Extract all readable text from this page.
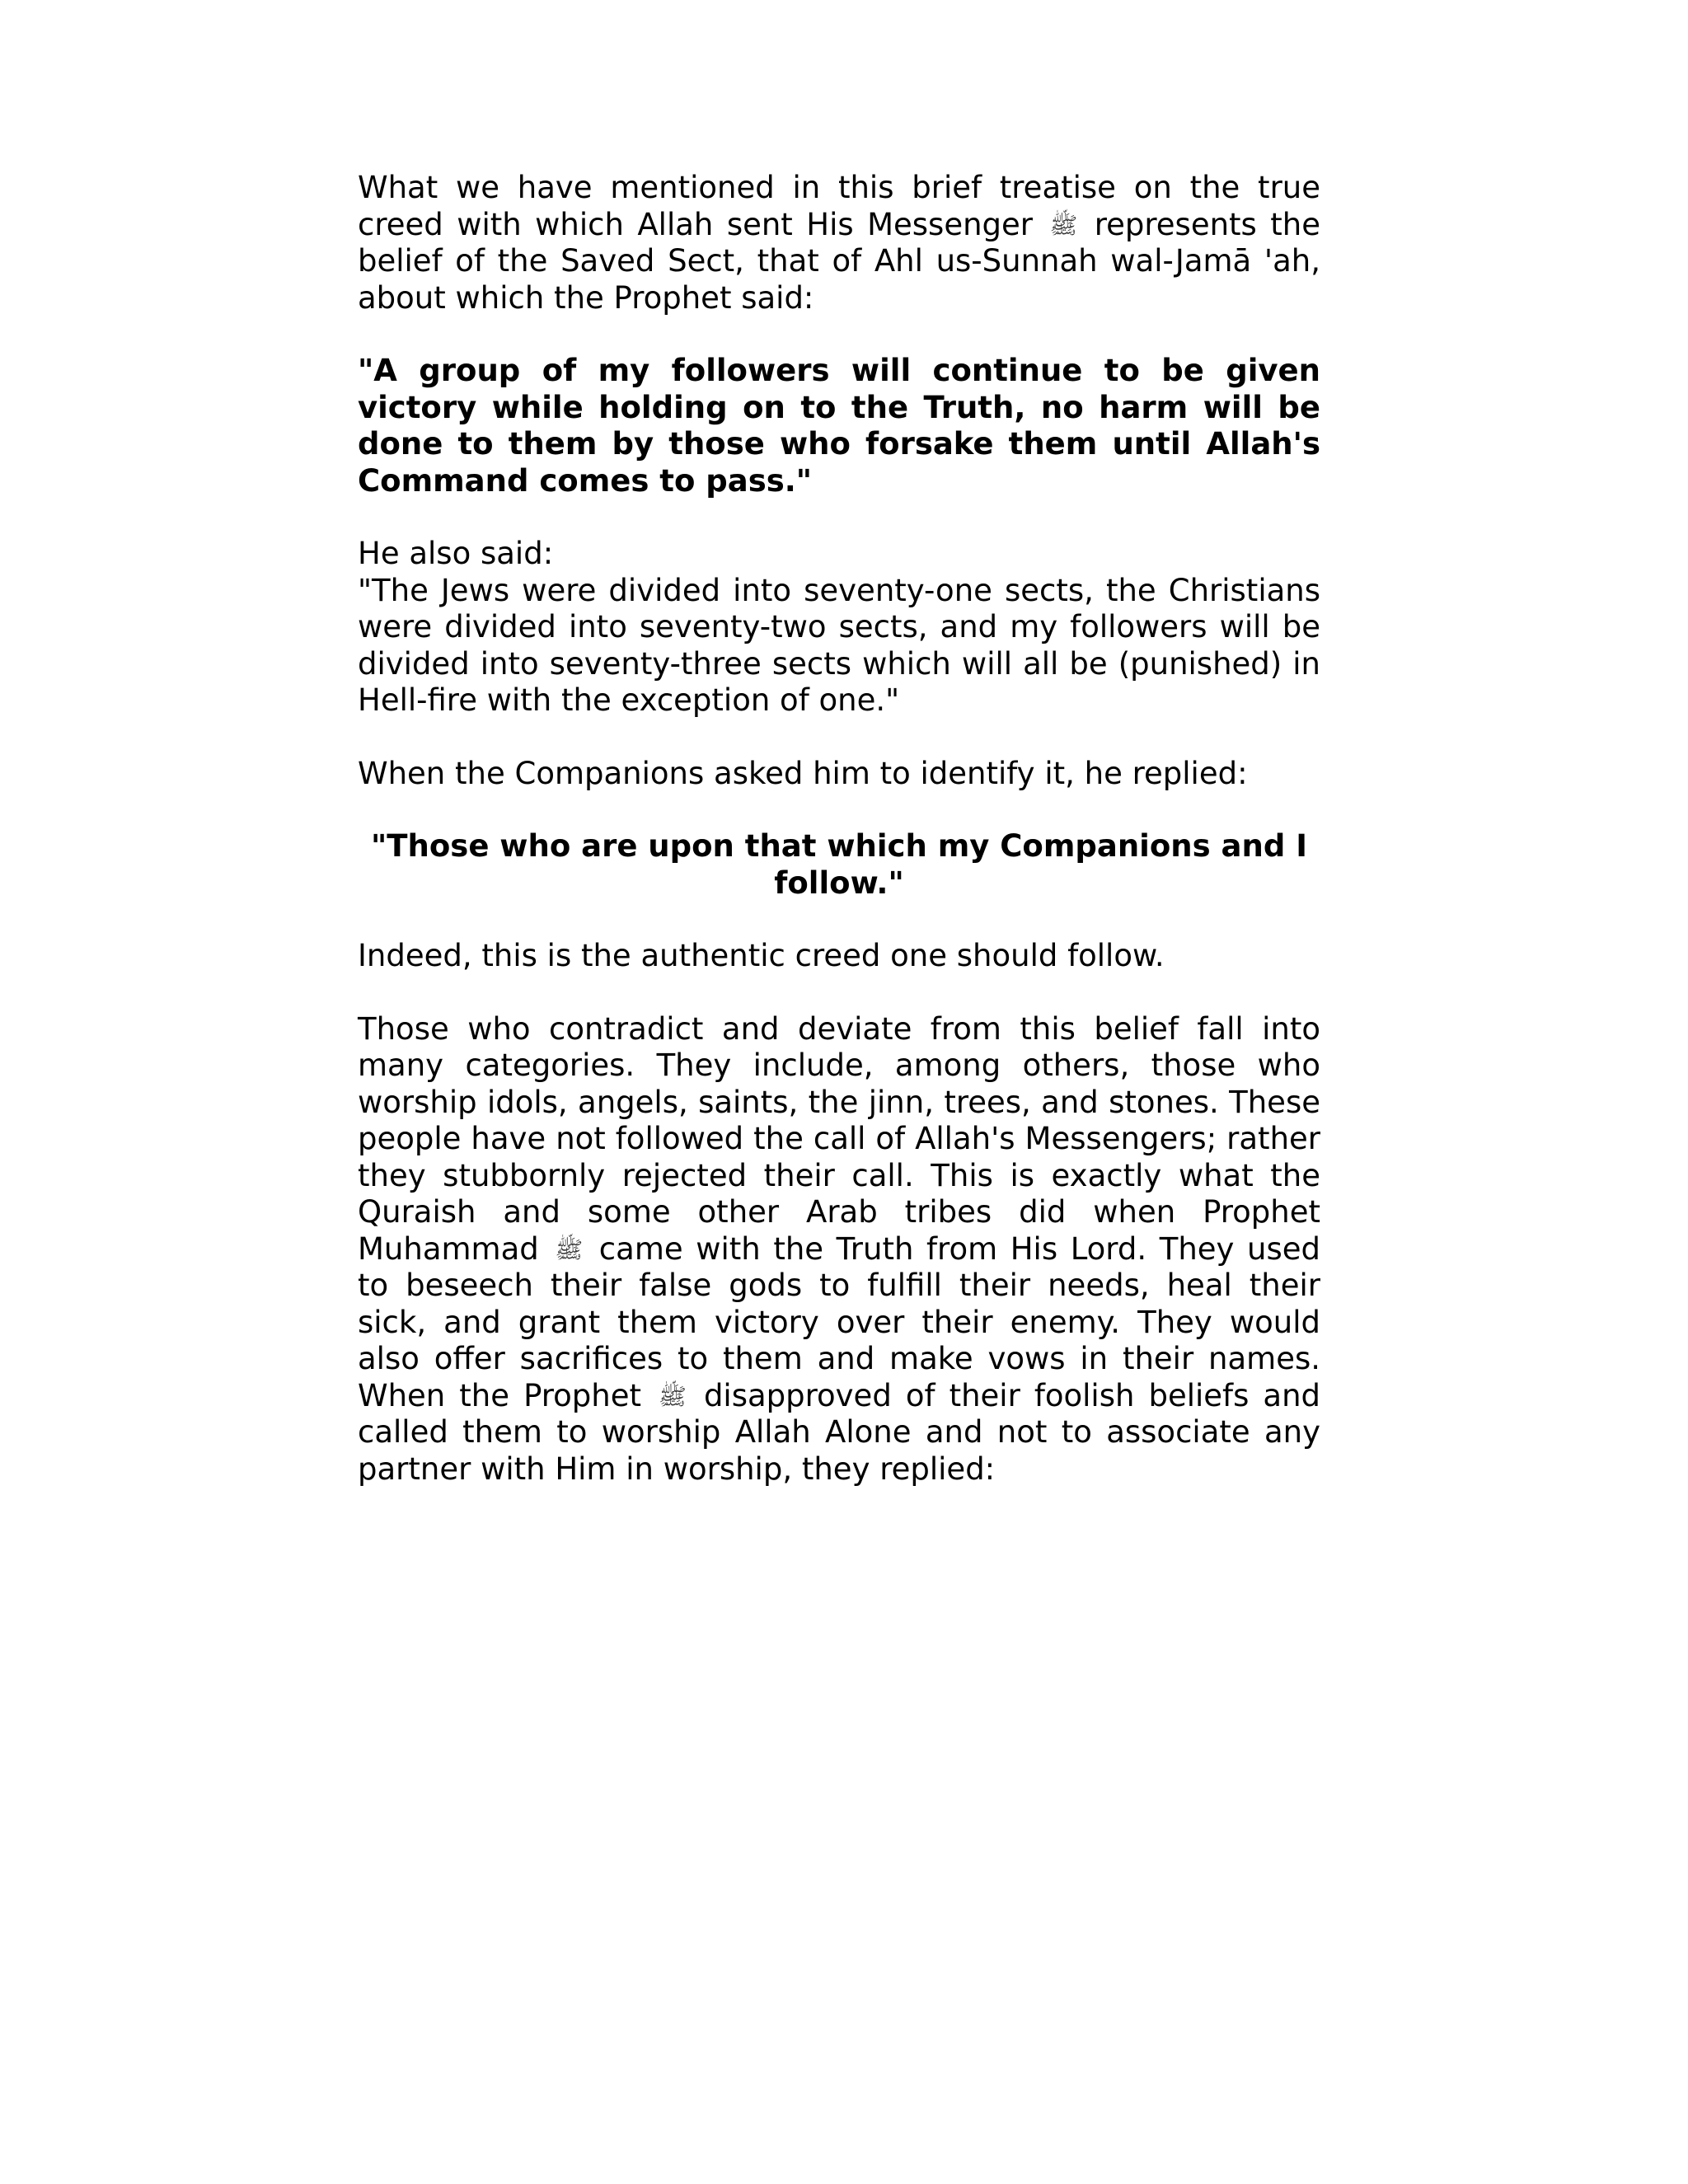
What we have mentioned in this brief treatise on the true creed with which Allah sent His Messenger ﷺ represents the belief of the Saved Sect, that of Ahl us-Sunnah wal-Jamā 'ah, about which the Prophet said:

"A group of my followers will continue to be given victory while holding on to the Truth, no harm will be done to them by those who forsake them until Allah's Command comes to pass."

He also said:

"The Jews were divided into seventy-one sects, the Christians were divided into seventy-two sects, and my followers will be divided into seventy-three sects which will all be (punished) in Hell-fire with the exception of one."

When the Companions asked him to identify it, he replied:

"Those who are upon that which my Companions and I follow."

Indeed, this is the authentic creed one should follow.

Those who contradict and deviate from this belief fall into many categories. They include, among others, those who worship idols, angels, saints, the jinn, trees, and stones. These people have not followed the call of Allah's Messengers; rather they stubbornly rejected their call. This is exactly what the Quraish and some other Arab tribes did when Prophet Muhammad ﷺ came with the Truth from His Lord. They used to beseech their false gods to fulfill their needs, heal their sick, and grant them victory over their enemy. They would also offer sacrifices to them and make vows in their names. When the Prophet ﷺ disapproved of their foolish beliefs and called them to worship Allah Alone and not to associate any partner with Him in worship, they replied:
